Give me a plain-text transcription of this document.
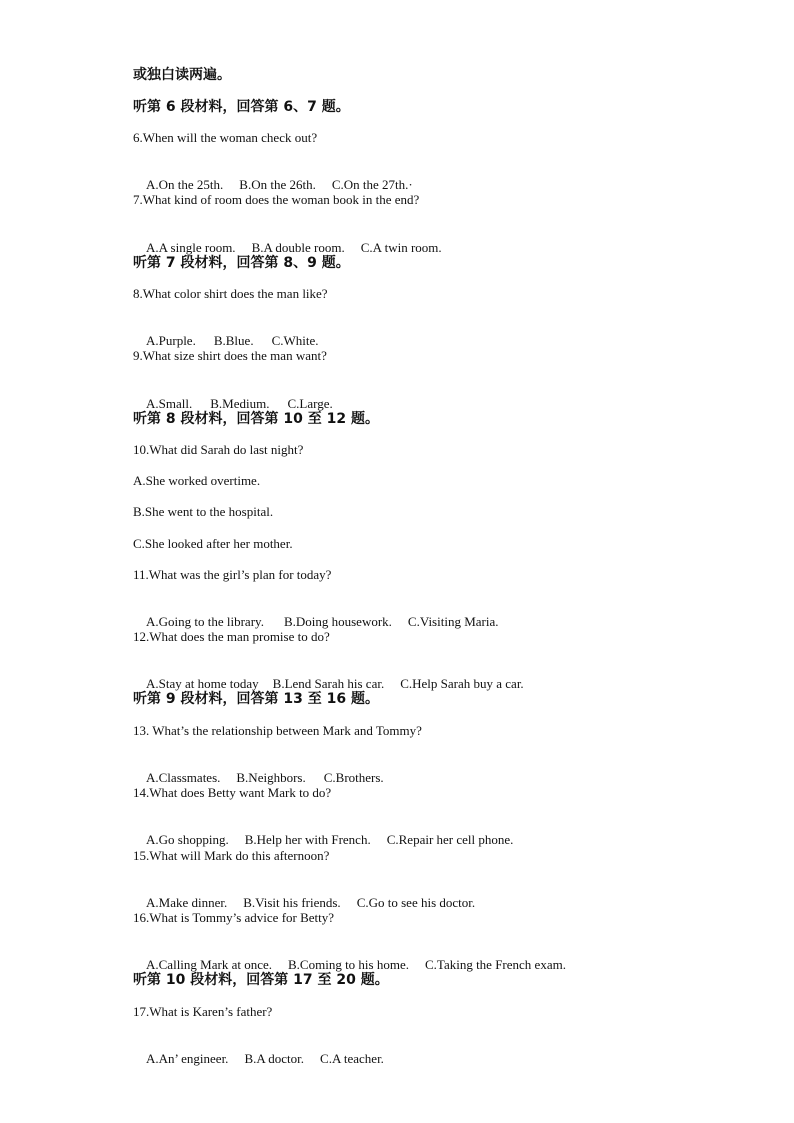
或独白读两遍。
听第 6 段材料，回答第 6、7 题。
6.When will the woman check out?

A.On the 25th. B.On the 26th. C.On the 27th.·

7.What kind of room does the woman book in the end?

A.A single room. B.A double room. C.A twin room.

听第 7 段材料，回答第 8、9 题。
8.What color shirt does the man like?

A.Purple. B.Blue. C.White.

9.What size shirt does the man want?

A.Small. B.Medium. C.Large.

听第 8 段材料，回答第 10 至 12 题。
10.What did Sarah do last night?
A.She worked overtime.
B.She went to the hospital.
C.She looked after her mother.
11.What was the girl’s plan for today?

A.Going to the library. B.Doing housework. C.Visiting Maria.

12.What does the man promise to do?

A.Stay at home today B.Lend Sarah his car. C.Help Sarah buy a car.

听第 9 段材料，回答第 13 至 16 题。
13. What’s the relationship between Mark and Tommy?

A.Classmates. B.Neighbors. C.Brothers.

14.What does Betty want Mark to do?

A.Go shopping. B.Help her with French. C.Repair her cell phone.

15.What will Mark do this afternoon?

A.Make dinner. B.Visit his friends. C.Go to see his doctor.

16.What is Tommy’s advice for Betty?

A.Calling Mark at once. B.Coming to his home. C.Taking the French exam.

听第 10 段材料，回答第 17 至 20 题。
17.What is Karen’s father?

A.An’ engineer. B.A doctor. C.A teacher.
